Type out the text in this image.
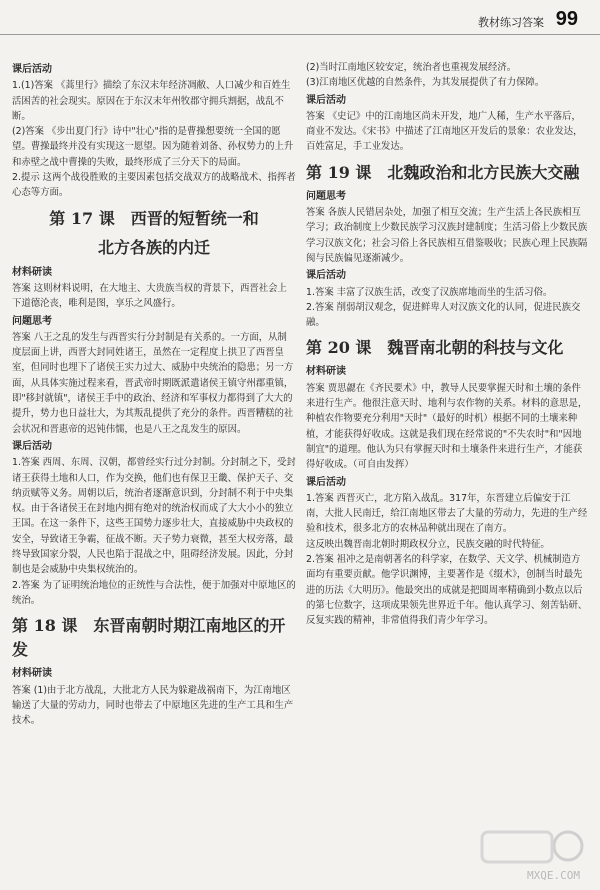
教材练习答案 99
课后活动

1.(1)答案 《蒿里行》描绘了东汉末年经济凋敝、人口减少和百姓生活困苦的社会现实。原因在于东汉末年州牧郡守拥兵割据，战乱不断。

(2)答案 《步出夏门行》诗中"壮心"指的是曹操想要统一全国的愿望。曹操最终并没有实现这一愿望。因为随着刘备、孙权势力的上升和赤壁之战中曹操的失败，最终形成了三分天下的局面。

2.提示 这两个战役胜败的主要因素包括交战双方的战略战术、指挥者心态等方面。

第 17 课　西晋的短暂统一和
北方各族的内迁
材料研读

答案 这则材料说明，在大地主、大贵族当权的背景下，西晋社会上下道德沦丧，唯利是图，享乐之风盛行。

问题思考

答案 八王之乱的发生与西晋实行分封制是有关系的。一方面，从制度层面上讲，西晋大封同姓诸王，虽然在一定程度上拱卫了西晋皇室，但同时也埋下了诸侯王实力过大、威胁中央统治的隐患；另一方面，从具体实施过程来看，晋武帝时期既派遣诸侯王镇守州郡重镇，即"移封就镇"，诸侯王手中的政治、经济和军事权力都得到了大大的提升，势力也日益壮大，为其叛乱提供了充分的条件。西晋糟糕的社会状况和晋惠帝的迟钝伟懦，也是八王之乱发生的原因。

课后活动

1.答案 西周、东周、汉朝，都曾经实行过分封制。分封制之下，受封诸王获得土地和人口，作为交换，他们也有保卫王畿、保护天子、交纳贡赋等义务。周朝以后，统治者逐渐意识到，分封制不利于中央集权。由于各诸侯王在封地内拥有绝对的统治权而成了大大小小的独立王国。在这一条件下，这些王国势力逐步壮大，直接威胁中央政权的安全，导致诸王争霸，征战不断。天子势力衰微，甚至大权旁落，最终导致国家分裂，人民也陷于混战之中，阻碍经济发展。因此，分封制也是会威胁中央集权统治的。

2.答案 为了证明统治地位的正统性与合法性，便于加强对中原地区的统治。

第 18 课　东晋南朝时期江南地区的开发
材料研读

答案 (1)由于北方战乱，大批北方人民为躲避战祸南下，为江南地区输送了大量的劳动力，同时也带去了中原地区先进的生产工具和生产技术。

(2)当时江南地区较安定，统治者也重视发展经济。

(3)江南地区优越的自然条件，为其发展提供了有力保障。

课后活动

答案 《史记》中的江南地区尚未开发，地广人稀，生产水平落后，商业不发达。《宋书》中描述了江南地区开发后的景象：农业发达，百姓富足，手工业发达。

第 19 课　北魏政治和北方民族大交融
问题思考

答案 各族人民错居杂处，加强了相互交流；生产生活上各民族相互学习；政治制度上少数民族学习汉族封建制度；生活习俗上少数民族学习汉族文化；社会习俗上各民族相互借鉴吸收；民族心理上民族隔阂与民族偏见逐渐减少。

课后活动

1.答案 丰富了汉族生活，改变了汉族席地而坐的生活习俗。

2.答案 削弱胡汉观念，促进鲜卑人对汉族文化的认同，促进民族交融。

第 20 课　魏晋南北朝的科技与文化
材料研读

答案 贾思勰在《齐民要术》中，教导人民要掌握天时和土壤的条件来进行生产。他很注意天时、地利与农作物的关系。材料的意思是，种植农作物要充分利用"天时"（最好的时机）根据不同的土壤来种植，才能获得好收成。这就是我们现在经常说的"不失农时"和"因地制宜"的道理。他认为只有掌握天时和土壤条件来进行生产，才能获得好收成。（可自由发挥）

课后活动

1.答案 西晋灭亡，北方陷入战乱。317年，东晋建立后偏安于江南，大批人民南迁，给江南地区带去了大量的劳动力，先进的生产经验和技术，很多北方的农林品种就出现在了南方。

这反映出魏晋南北朝时期政权分立，民族交融的时代特征。

2.答案 祖冲之是南朝著名的科学家，在数学、天文学、机械制造方面均有重要贡献。他学识渊博，主要著作是《缀术》，创制当时最先进的历法《大明历》。他最突出的成就是把圆周率精确到小数点以后的第七位数字，这项成果领先世界近千年。他认真学习、刻苦钻研、反复实践的精神，非常值得我们青少年学习。

MXQE.COM
